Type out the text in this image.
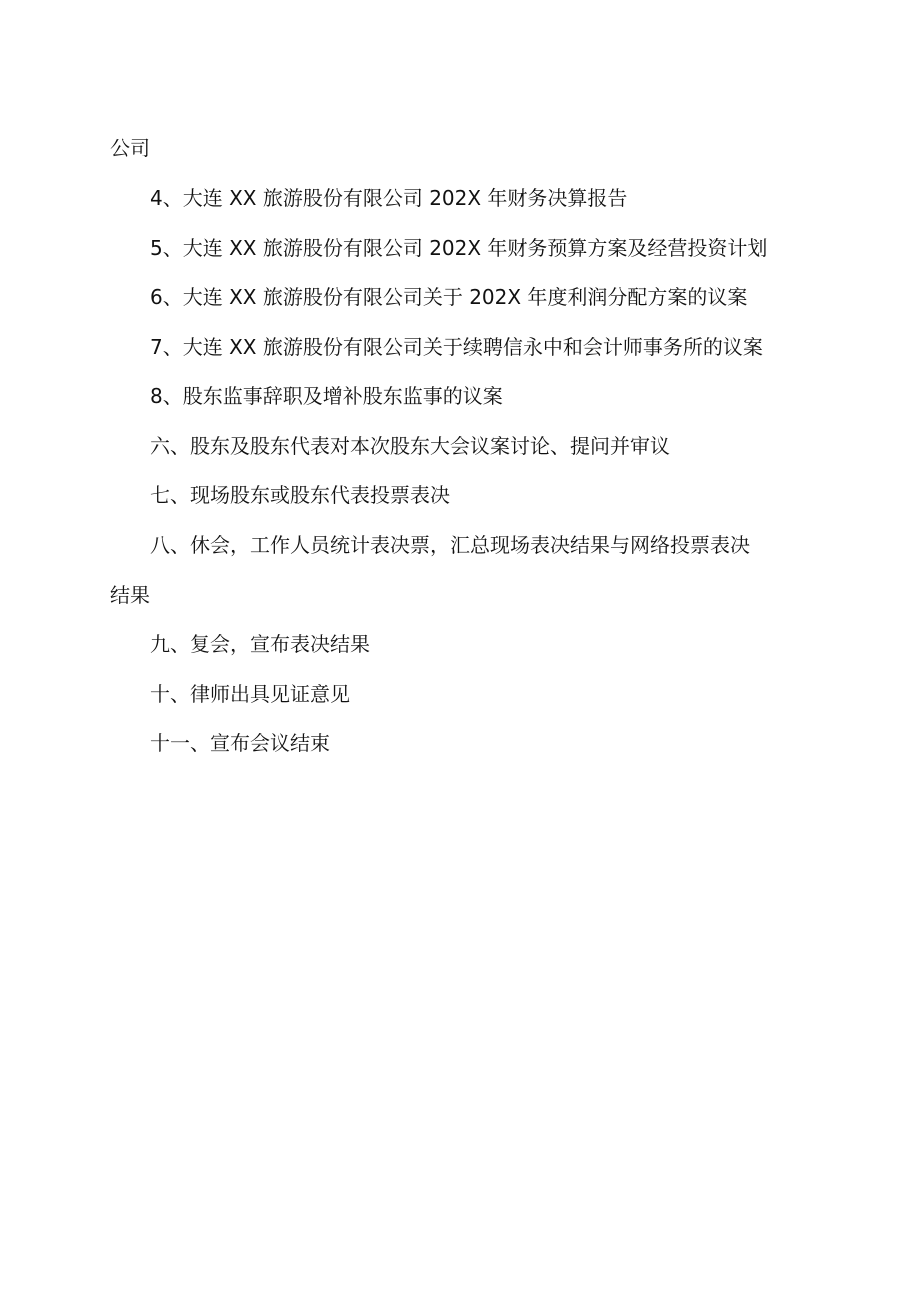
公司
4、大连 XX 旅游股份有限公司 202X 年财务决算报告
5、大连 XX 旅游股份有限公司 202X 年财务预算方案及经营投资计划
6、大连 XX 旅游股份有限公司关于 202X 年度利润分配方案的议案
7、大连 XX 旅游股份有限公司关于续聘信永中和会计师事务所的议案
8、股东监事辞职及增补股东监事的议案
六、股东及股东代表对本次股东大会议案讨论、提问并审议
七、现场股东或股东代表投票表决
八、休会，工作人员统计表决票，汇总现场表决结果与网络投票表决
结果
九、复会，宣布表决结果
十、律师出具见证意见
十一、宣布会议结束
